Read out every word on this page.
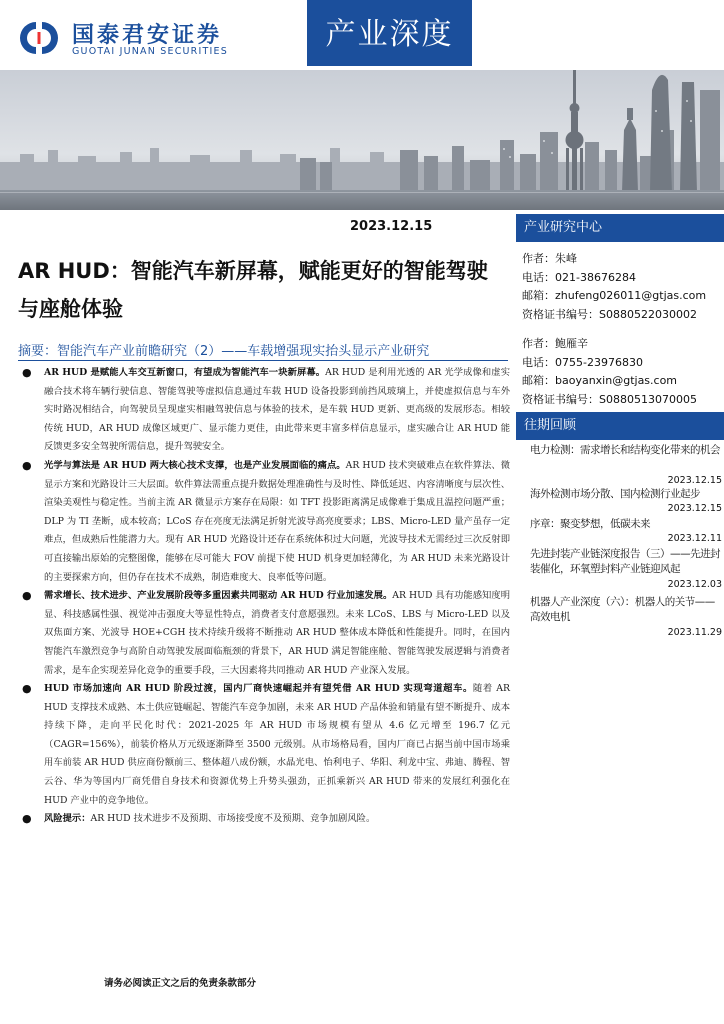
国泰君安证券
GUOTAI JUNAN SECURITIES	产业深度
2023.12.15
AR HUD：智能汽车新屏幕，赋能更好的智能驾驶与座舱体验
摘要：智能汽车产业前瞻研究（2）——车载增强现实抬头显示产业研究
● AR HUD 是赋能人车交互新窗口，有望成为智能汽车一块新屏幕。AR HUD 是利用光透的 AR 光学成像和虚实融合技术将车辆行驶信息、智能驾驶等虚拟信息通过车载 HUD 设备投影到前挡风玻璃上，并使虚拟信息与车外实时路况相结合，向驾驶员呈现虚实相融驾驶信息与体验的技术，是车载 HUD 更新、更高级的发展形态。相较传统 HUD，AR HUD 成像区域更广、显示能力更佳，由此带来更丰富多样信息显示，虚实融合让 AR HUD 能反馈更多安全驾驶所需信息，提升驾驶安全。
● 光学与算法是 AR HUD 两大核心技术支撑，也是产业发展面临的痛点。AR HUD 技术突破难点在软件算法、微显示方案和光路设计三大层面。软件算法需重点提升数据处理准确性与及时性、降低延迟、内容清晰度与层次性、渲染美观性与稳定性。当前主流 AR 微显示方案存在局限：如 TFT 投影距离满足成像难于集成且温控问题严重；DLP 为 TI 垄断，成本较高；LCoS 存在亮度无法满足折射光波导高亮度要求；LBS、Micro-LED 量产虽存一定难点，但成熟后性能潜力大。现有 AR HUD 光路设计还存在系统体积过大问题，光波导技术无需经过三次反射即可直接输出原始的完整图像，能够在尽可能大 FOV 前提下使 HUD 机身更加轻薄化，为 AR HUD 未来光路设计的主要探索方向，但仍存在技术不成熟，制造难度大、良率低等问题。
● 需求增长、技术进步、产业发展阶段等多重因素共同驱动 AR HUD 行业加速发展。AR HUD 具有功能感知度明显、科技感属性强、视觉冲击强度大等显性特点，消费者支付意愿强烈。未来 LCoS、LBS 与 Micro-LED 以及双焦面方案、光波导 HOE+CGH 技术持续升级将不断推动 AR HUD 整体成本降低和性能提升。同时，在国内智能汽车激烈竞争与高阶自动驾驶发展面临瓶颈的背景下，AR HUD 满足智能座舱、智能驾驶发展逻辑与消费者需求，是车企实现差异化竞争的重要手段，三大因素将共同推动 AR HUD 产业深入发展。
● HUD 市场加速向 AR HUD 阶段过渡，国内厂商快速崛起并有望凭借 AR HUD 实现弯道超车。随着 AR HUD 支撑技术成熟、本土供应链崛起、智能汽车竞争加剧，未来 AR HUD 产品体验和销量有望不断提升、成本持续下降，走向平民化时代：2021-2025 年 AR HUD 市场规模有望从 4.6 亿元增至 196.7 亿元（CAGR=156%），前装价格从万元级逐渐降至 3500 元级别。从市场格局看，国内厂商已占据当前中国市场乘用车前装 AR HUD 供应商份额前三、整体超八成份额，水晶光电、怡利电子、华阳、利龙中宝、弗迪、腾程、智云谷、华为等国内厂商凭借自身技术和资源优势上升势头强劲，正抓乘新兴 AR HUD 带来的发展红利强化在 HUD 产业中的竞争地位。
● 风险提示：AR HUD 技术进步不及预期、市场接受度不及预期、竞争加剧风险。
请务必阅读正文之后的免责条款部分
产业研究中心
作者：朱峰
电话：021-38676284
邮箱：zhufeng026011@gtjas.com
资格证书编号：S0880522030002
作者：鲍雁辛
电话：0755-23976830
邮箱：baoyanxin@gtjas.com
资格证书编号：S0880513070005
往期回顾
电力检测：需求增长和结构变化带来的机会
2023.12.15
海外检测市场分散、国内检测行业起步
2023.12.15
序章：聚变梦想，低碳未来
2023.12.11
先进封装产业链深度报告（三）——先进封装催化，环氧塑封料产业链迎风起
2023.12.03
机器人产业深度（六）：机器人的关节——高效电机
2023.11.29
